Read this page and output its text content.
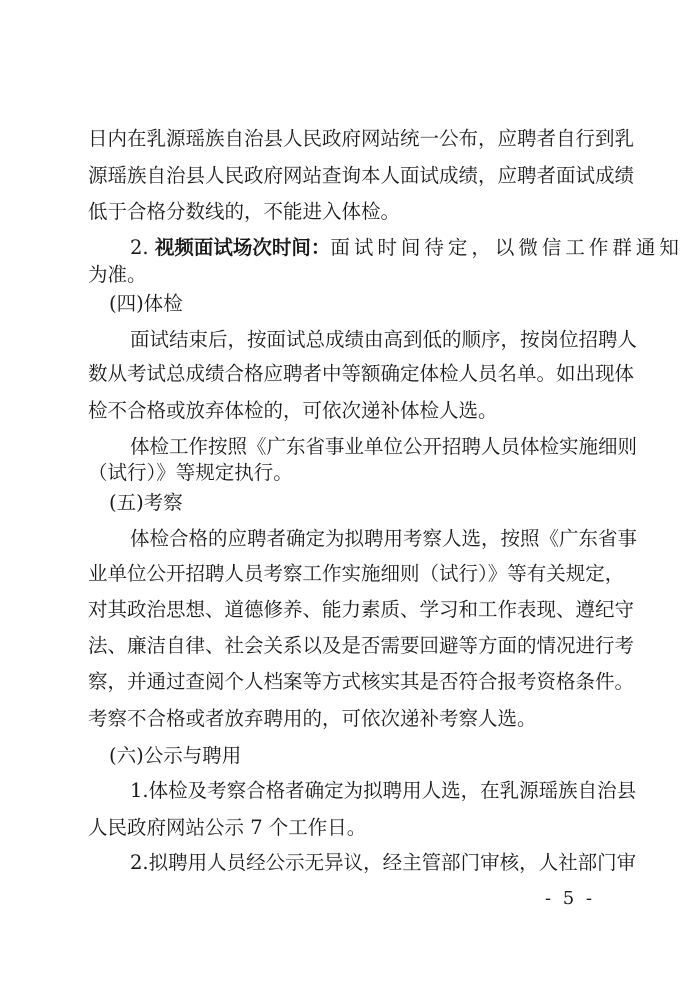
日内在乳源瑶族自治县人民政府网站统一公布，应聘者自行到乳
源瑶族自治县人民政府网站查询本人面试成绩，应聘者面试成绩
低于合格分数线的，不能进入体检。
2. 视频面试场次时间：面试时间待定，以微信工作群通知
为准。
(四)体检
面试结束后，按面试总成绩由高到低的顺序，按岗位招聘人
数从考试总成绩合格应聘者中等额确定体检人员名单。如出现体
检不合格或放弃体检的，可依次递补体检人选。
体检工作按照《广东省事业单位公开招聘人员体检实施细则
（试行）》等规定执行。
(五)考察
体检合格的应聘者确定为拟聘用考察人选，按照《广东省事
业单位公开招聘人员考察工作实施细则（试行）》等有关规定，
对其政治思想、道德修养、能力素质、学习和工作表现、遵纪守
法、廉洁自律、社会关系以及是否需要回避等方面的情况进行考
察，并通过查阅个人档案等方式核实其是否符合报考资格条件。
考察不合格或者放弃聘用的，可依次递补考察人选。
(六)公示与聘用
1.体检及考察合格者确定为拟聘用人选，在乳源瑶族自治县
人民政府网站公示 7 个工作日。
2.拟聘用人员经公示无异议，经主管部门审核，人社部门审
- 5 -
